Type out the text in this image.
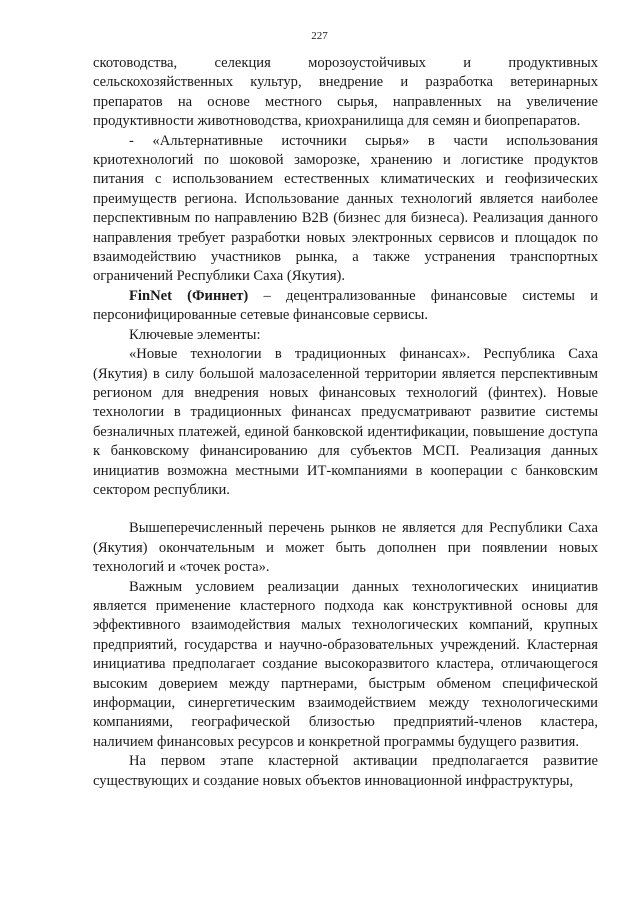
227

скотоводства, селекция морозоустойчивых и продуктивных сельскохозяйственных культур, внедрение и разработка ветеринарных препаратов на основе местного сырья, направленных на увеличение продуктивности животноводства, криохранилища для семян и биопрепаратов.

- «Альтернативные источники сырья» в части использования криотехнологий по шоковой заморозке, хранению и логистике продуктов питания с использованием естественных климатических и геофизических преимуществ региона. Использование данных технологий является наиболее перспективным по направлению B2B (бизнес для бизнеса). Реализация данного направления требует разработки новых электронных сервисов и площадок по взаимодействию участников рынка, а также устранения транспортных ограничений Республики Саха (Якутия).

FinNet (Финнет) – децентрализованные финансовые системы и персонифицированные сетевые финансовые сервисы.

Ключевые элементы:

«Новые технологии в традиционных финансах». Республика Саха (Якутия) в силу большой малозаселенной территории является перспективным регионом для внедрения новых финансовых технологий (финтех). Новые технологии в традиционных финансах предусматривают развитие системы безналичных платежей, единой банковской идентификации, повышение доступа к банковскому финансированию для субъектов МСП. Реализация данных инициатив возможна местными ИТ-компаниями в кооперации с банковским сектором республики.

Вышеперечисленный перечень рынков не является для Республики Саха (Якутия) окончательным и может быть дополнен при появлении новых технологий и «точек роста».

Важным условием реализации данных технологических инициатив является применение кластерного подхода как конструктивной основы для эффективного взаимодействия малых технологических компаний, крупных предприятий, государства и научно-образовательных учреждений. Кластерная инициатива предполагает создание высокоразвитого кластера, отличающегося высоким доверием между партнерами, быстрым обменом специфической информации, синергетическим взаимодействием между технологическими компаниями, географической близостью предприятий-членов кластера, наличием финансовых ресурсов и конкретной программы будущего развития.

На первом этапе кластерной активации предполагается развитие существующих и создание новых объектов инновационной инфраструктуры,
